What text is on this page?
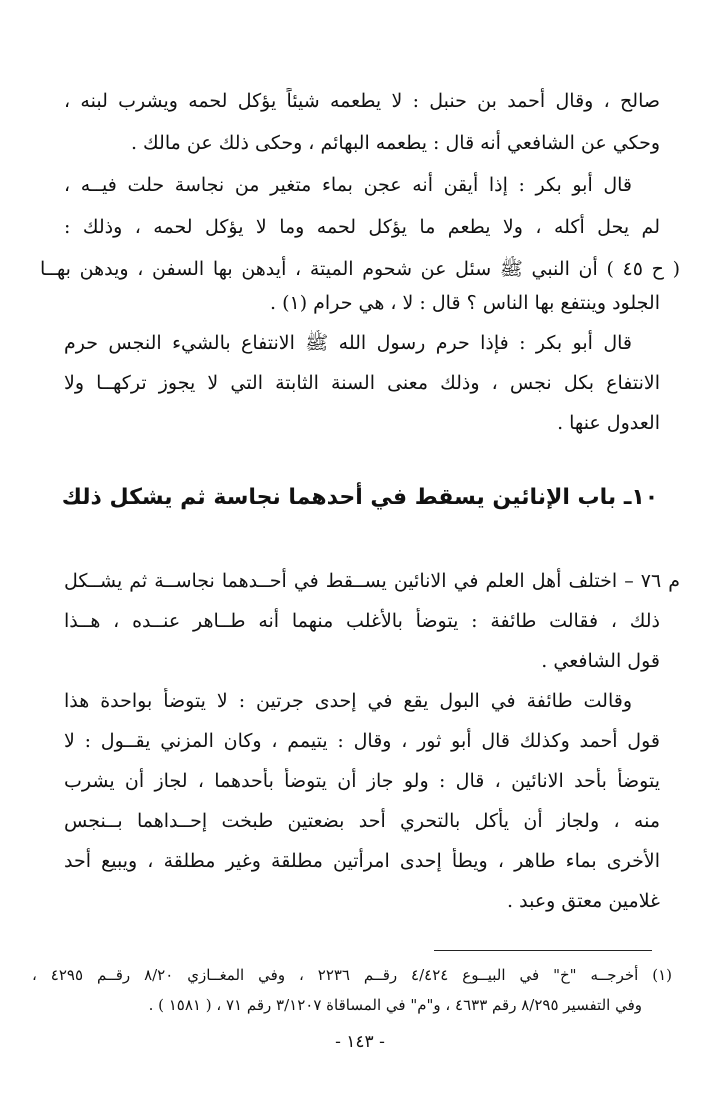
صالح ، وقال أحمد بن حنبل : لا يطعمه شيئاً يؤكل لحمه ويشرب لبنه ،
وحكي عن الشافعي أنه قال : يطعمه البهائم ، وحكى ذلك عن مالك .
قال أبو بكر : إذا أيقن أنه عجن بماء متغير من نجاسة حلت فيــه ،
لم يحل أكله ، ولا يطعم ما يؤكل لحمه وما لا يؤكل لحمه ، وذلك :
( ح ٤٥ ) أن النبي ﷺ سئل عن شحوم الميتة ، أيدهن بها السفن ، ويدهن بهــا
الجلود وينتفع بها الناس ؟ قال : لا ، هي حرام (١) .
قال أبو بكر : فإذا حرم رسول الله ﷺ الانتفاع بالشيء النجس حرم
الانتفاع بكل نجس ، وذلك معنى السنة الثابتة التي لا يجوز تركهــا ولا
العدول عنها .
١٠ـ باب الإنائين يسقط في أحدهما نجاسة ثم يشكل ذلك
م ٧٦ – اختلف أهل العلم في الانائين يســقط في أحــدهما نجاســة ثم يشــكل
ذلك ، فقالت طائفة : يتوضأ بالأغلب منهما أنه طــاهر عنــده ، هــذا
قول الشافعي .
وقالت طائفة في البول يقع في إحدى جرتين : لا يتوضأ بواحدة هذا
قول أحمد وكذلك قال أبو ثور ، وقال : يتيمم ، وكان المزني يقــول : لا
يتوضأ بأحد الانائين ، قال : ولو جاز أن يتوضأ بأحدهما ، لجاز أن يشرب
منه ، ولجاز أن يأكل بالتحري أحد بضعتين طبخت إحــداهما بــنجس
الأخرى بماء طاهر ، ويطأ إحدى امرأتين مطلقة وغير مطلقة ، ويبيع أحد
غلامين معتق وعبد .
(١) أخرجــه "خ" في البيــوع ٤/٤٢٤ رقــم ٢٢٣٦ ، وفي المغــازي ٨/٢٠ رقــم ٤٢٩٥ ،
وفي التفسير ٨/٢٩٥ رقم ٤٦٣٣ ، و"م" في المساقاة ٣/١٢٠٧ رقم ٧١ ، ( ١٥٨١ ) .
- ١٤٣ -
